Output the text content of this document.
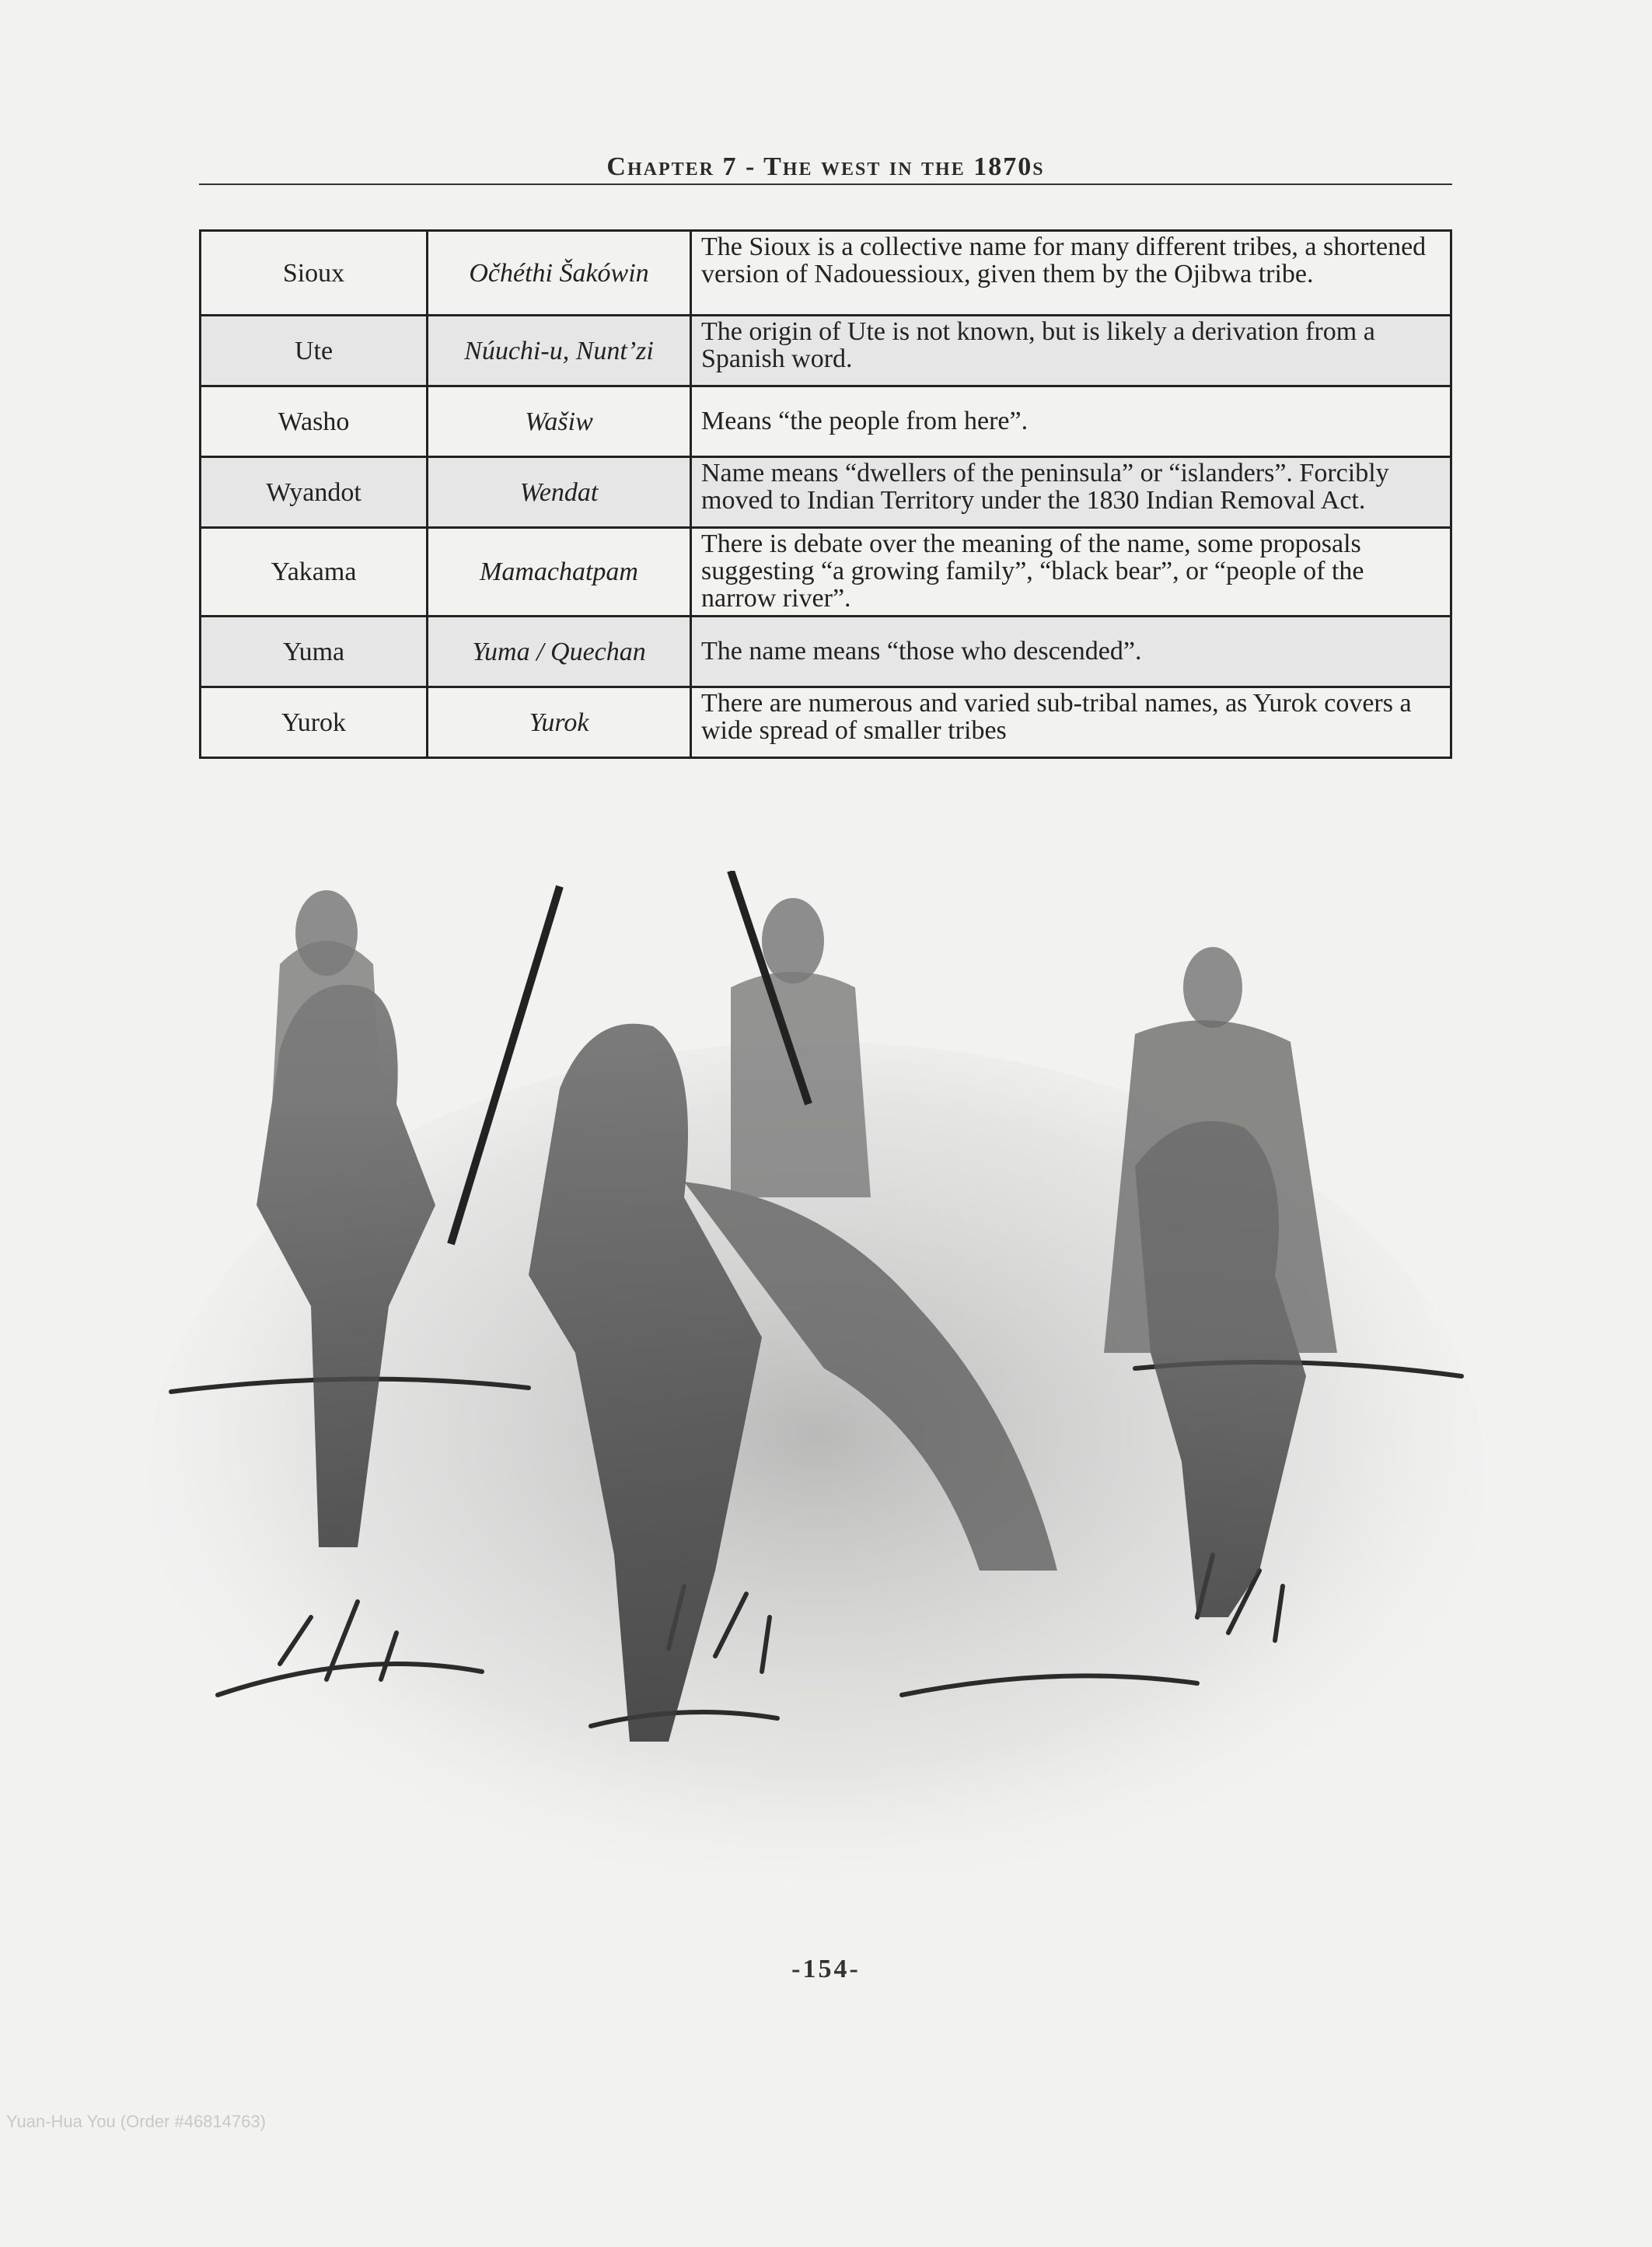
Chapter 7 - The west in the 1870s
Sioux	Očhéthi Šakówin	The Sioux is a collective name for many different tribes, a shortened version of Nadouessioux, given them by the Ojibwa tribe.
Ute	Núuchi-u, Nunt’zi	The origin of Ute is not known, but is likely a derivation from a Spanish word.
Washo	Wašiw	Means “the people from here”.
Wyandot	Wendat	Name means “dwellers of the peninsula” or “islanders”. Forcibly moved to Indian Territory under the 1830 Indian Removal Act.
Yakama	Mamachatpam	There is debate over the meaning of the name, some proposals suggesting “a growing family”, “black bear”, or “people of the narrow river”.
Yuma	Yuma / Quechan	The name means “those who descended”.
Yurok	Yurok	There are numerous and varied sub-tribal names, as Yurok covers a wide spread of smaller tribes
-154-
Yuan-Hua You (Order #46814763)
